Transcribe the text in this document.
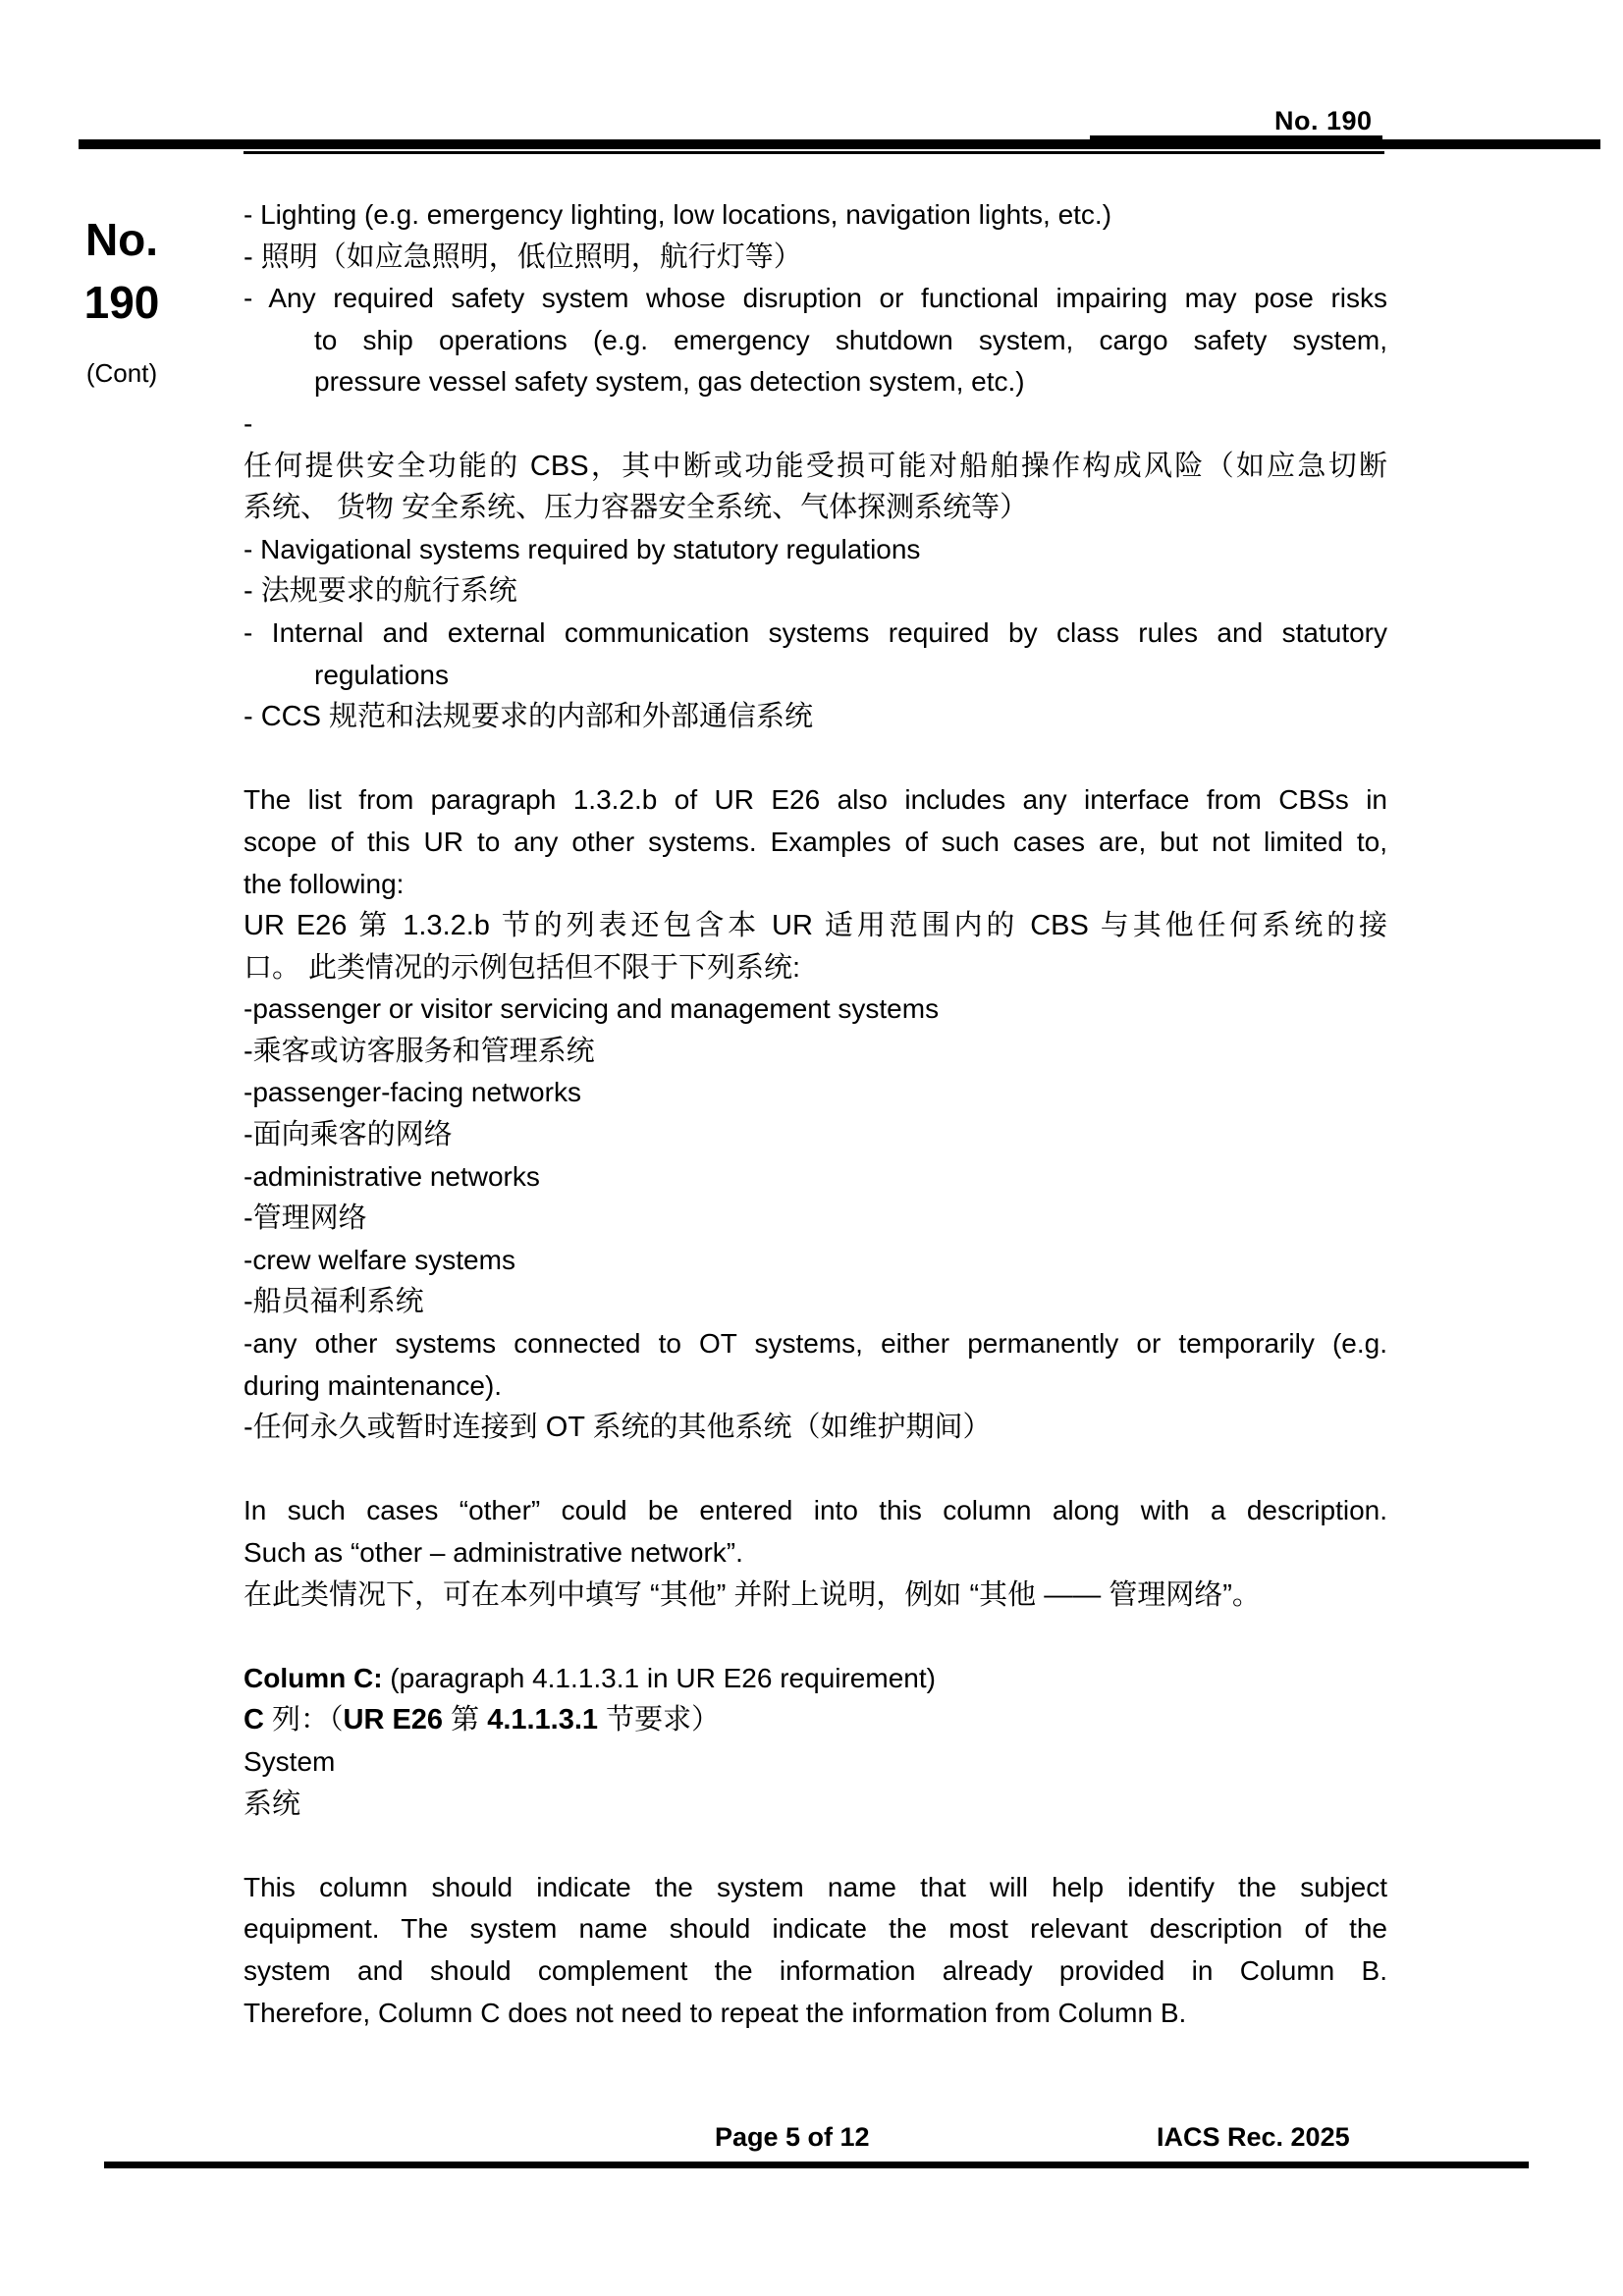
No. 190
No.
190
(Cont)
- Lighting (e.g. emergency lighting, low locations, navigation lights, etc.)
- 照明（如应急照明，低位照明，航行灯等）
- Any required safety system whose disruption or functional impairing may pose risks
to ship operations (e.g. emergency shutdown system, cargo safety system,
pressure vessel safety system, gas detection system, etc.)
-
任何提供安全功能的 CBS，其中断或功能受损可能对船舶操作构成风险（如应急切断
系统、 货物 安全系统、压力容器安全系统、气体探测系统等）
- Navigational systems required by statutory regulations
- 法规要求的航行系统
- Internal and external communication systems required by class rules and statutory
regulations
- CCS 规范和法规要求的内部和外部通信系统
The list from paragraph 1.3.2.b of UR E26 also includes any interface from CBSs in
scope of this UR to any other systems. Examples of such cases are, but not limited to,
the following:
UR E26 第 1.3.2.b 节的列表还包含本 UR 适用范围内的 CBS 与其他任何系统的接
口。 此类情况的示例包括但不限于下列系统:
-passenger or visitor servicing and management systems
-乘客或访客服务和管理系统
-passenger-facing networks
-面向乘客的网络
-administrative networks
-管理网络
-crew welfare systems
-船员福利系统
-any other systems connected to OT systems, either permanently or temporarily (e.g.
during maintenance).
-任何永久或暂时连接到 OT 系统的其他系统（如维护期间）
In such cases “other” could be entered into this column along with a description.
Such as “other – administrative network”.
在此类情况下，可在本列中填写 “其他” 并附上说明，例如 “其他 —— 管理网络”。
Column C: (paragraph 4.1.1.3.1 in UR E26 requirement)
C 列：（UR E26 第 4.1.1.3.1 节要求）
System
系统
This column should indicate the system name that will help identify the subject
equipment. The system name should indicate the most relevant description of the
system and should complement the information already provided in Column B.
Therefore, Column C does not need to repeat the information from Column B.
Page 5 of 12	IACS Rec. 2025
